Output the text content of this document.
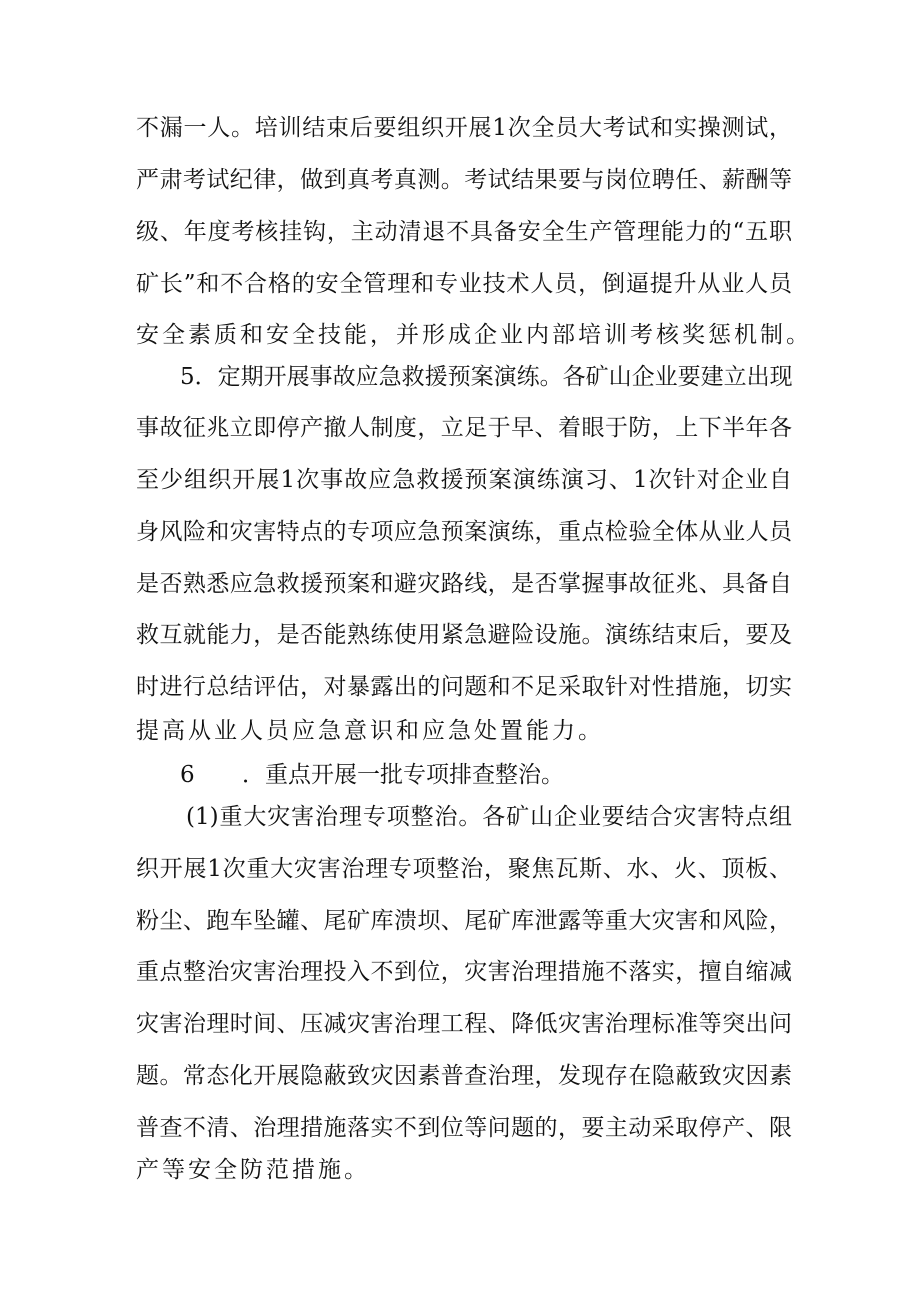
不漏一人。培训结束后要组织开展1次全员大考试和实操测试，
严肃考试纪律，做到真考真测。考试结果要与岗位聘任、薪酬等
级、年度考核挂钩，主动清退不具备安全生产管理能力的“五职
矿长”和不合格的安全管理和专业技术人员，倒逼提升从业人员
安全素质和安全技能，并形成企业内部培训考核奖惩机制。
5．定期开展事故应急救援预案演练。各矿山企业要建立出现
事故征兆立即停产撤人制度，立足于早、着眼于防，上下半年各
至少组织开展1次事故应急救援预案演练演习、1次针对企业自
身风险和灾害特点的专项应急预案演练，重点检验全体从业人员
是否熟悉应急救援预案和避灾路线，是否掌握事故征兆、具备自
救互就能力，是否能熟练使用紧急避险设施。演练结束后，要及
时进行总结评估，对暴露出的问题和不足采取针对性措施，切实
提高从业人员应急意识和应急处置能力。
6 ．重点开展一批专项排查整治。
(1)重大灾害治理专项整治。各矿山企业要结合灾害特点组
织开展1次重大灾害治理专项整治，聚焦瓦斯、水、火、顶板、
粉尘、跑车坠罐、尾矿库溃坝、尾矿库泄露等重大灾害和风险，
重点整治灾害治理投入不到位，灾害治理措施不落实，擅自缩减
灾害治理时间、压减灾害治理工程、降低灾害治理标准等突出问
题。常态化开展隐蔽致灾因素普查治理，发现存在隐蔽致灾因素
普查不清、治理措施落实不到位等问题的，要主动采取停产、限
产等安全防范措施。
